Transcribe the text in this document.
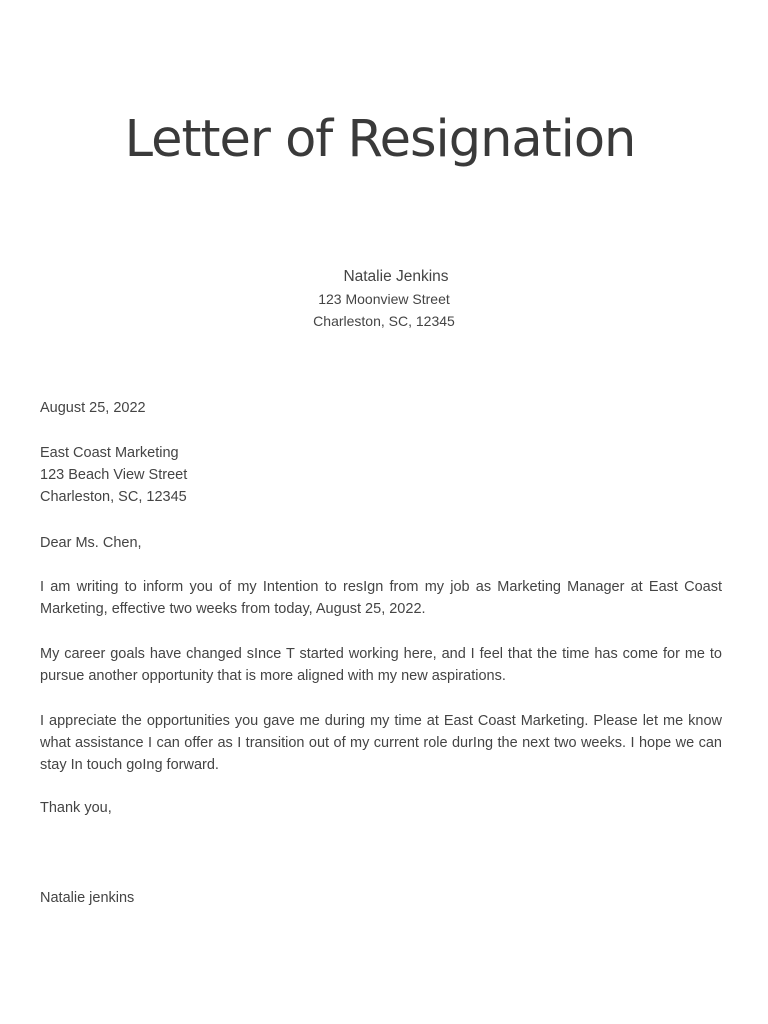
Letter of Resignation
Natalie Jenkins
123 Moonview Street
Charleston, SC, 12345
August 25, 2022
East Coast Marketing
123 Beach View Street
Charleston, SC, 12345
Dear Ms. Chen,
I am writing to inform you of my Intention to resIgn from my job as Marketing Manager at East Coast Marketing, effective two weeks from today, August 25, 2022.
My career goals have changed sInce T started working here, and I feel that the time has come for me to pursue another opportunity that is more aligned with my new aspirations.
I appreciate the opportunities you gave me during my time at East Coast Marketing. Please let me know what assistance I can offer as I transition out of my current role durIng the next two weeks. I hope we can stay In touch goIng forward.
Thank you,
Natalie jenkins
